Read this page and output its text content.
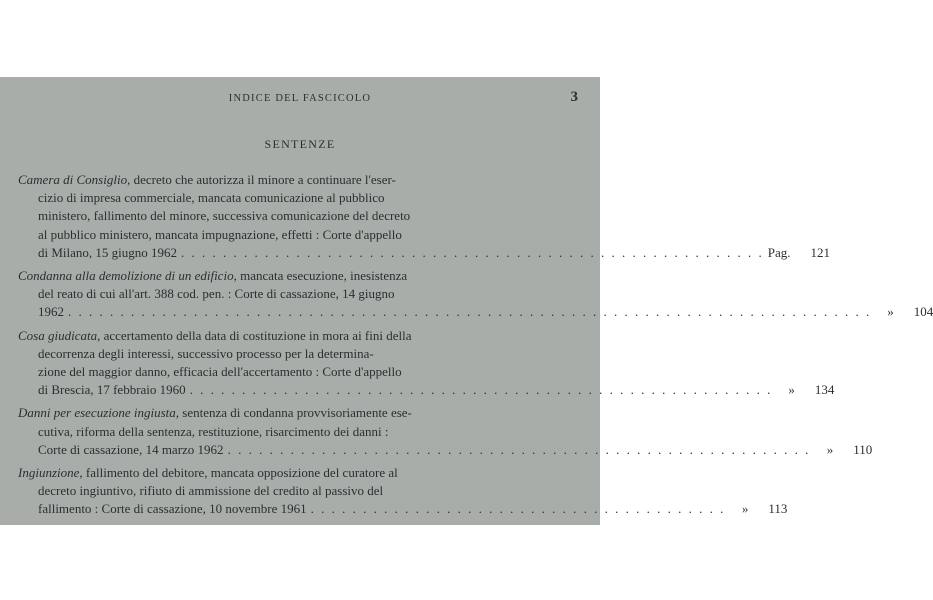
INDICE DEL FASCICOLO	3
SENTENZE

Camera di Consiglio, decreto che autorizza il minore a continuare l'eser-

cizio di impresa commerciale, mancata comunicazione al pubblico

ministero, fallimento del minore, successiva comunicazione del decreto

al pubblico ministero, mancata impugnazione, effetti : Corte d'appello

di Milano, 15 giugno 1962 . . . . . . . . . . . . . . . . . . . . . . . . . . . . . . . . . . . . . . . . . . . . . . . . . . . . . . . . Pag. 121

Condanna alla demolizione di un edificio, mancata esecuzione, inesistenza

del reato di cui all'art. 388 cod. pen. : Corte di cassazione, 14 giugno

1962 . . . . . . . . . . . . . . . . . . . . . . . . . . . . . . . . . . . . . . . . . . . . . . . . . . . . . . . . . . . . . . . . . . . . . . . . . . . . .	» 104

Cosa giudicata, accertamento della data di costituzione in mora ai fini della

decorrenza degli interessi, successivo processo per la determina-

zione del maggior danno, efficacia dell'accertamento : Corte d'appello

di Brescia, 17 febbraio 1960 . . . . . . . . . . . . . . . . . . . . . . . . . . . . . . . . . . . . . . . . . . . . . . . . . . . . . . . .	» 134

Danni per esecuzione ingiusta, sentenza di condanna provvisoriamente ese-

cutiva, riforma della sentenza, restituzione, risarcimento dei danni :

Corte di cassazione, 14 marzo 1962 . . . . . . . . . . . . . . . . . . . . . . . . . . . . . . . . . . . . . . . . . . . . . . . . . . . . . . . .	» 110

Ingiunzione, fallimento del debitore, mancata opposizione del curatore al

decreto ingiuntivo, rifiuto di ammissione del credito al passivo del

fallimento : Corte di cassazione, 10 novembre 1961 . . . . . . . . . . . . . . . . . . . . . . . . . . . . . . . . . . . . . . . .	» 113
